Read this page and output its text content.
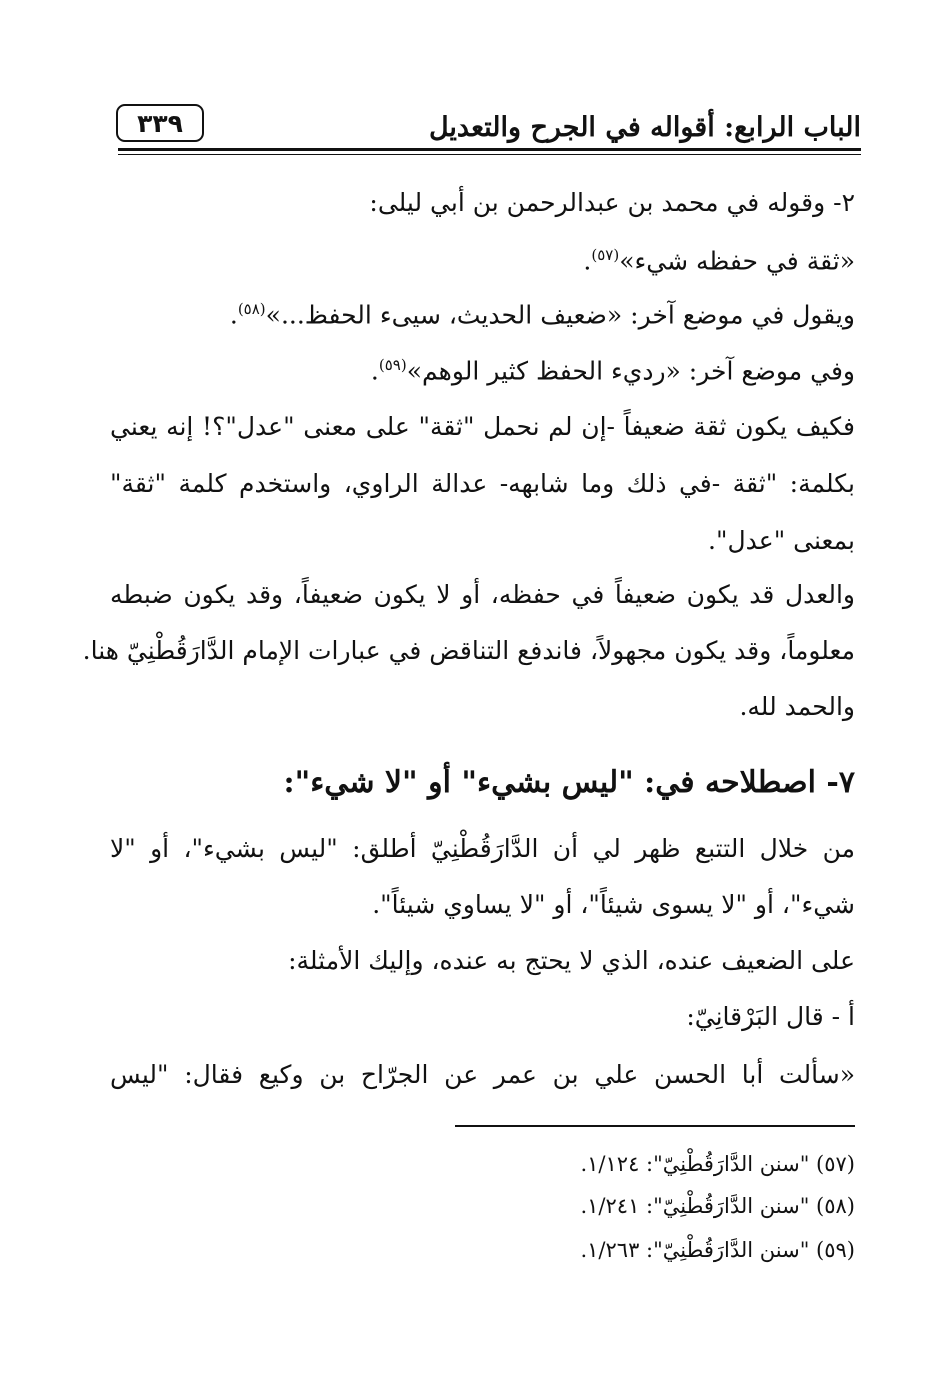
الباب الرابع: أقواله في الجرح والتعديل
٣٣٩
٢- وقوله في محمد بن عبدالرحمن بن أبي ليلى:
«ثقة في حفظه شيء»$^{(٥٧)}$.
ويقول في موضع آخر: «ضعيف الحديث، سيىء الحفظ...»$^{(٥٨)}$.
وفي موضع آخر: «رديء الحفظ كثير الوهم»$^{(٥٩)}$.
فكيف يكون ثقة ضعيفاً -إن لم نحمل "ثقة" على معنى "عدل"؟! إنه يعني
بكلمة: "ثقة -في ذلك وما شابهه- عدالة الراوي، واستخدم كلمة "ثقة"
بمعنى "عدل".
والعدل قد يكون ضعيفاً في حفظه، أو لا يكون ضعيفاً، وقد يكون ضبطه
معلوماً، وقد يكون مجهولاً، فاندفع التناقض في عبارات الإمام الدَّارَقُطْنِيّ هنا.
والحمد لله.
٧- اصطلاحه في: "ليس بشيء" أو "لا شيء":
من خلال التتبع ظهر لي أن الدَّارَقُطْنِيّ أطلق: "ليس بشيء"، أو "لا
شيء"، أو "لا يسوى شيئاً"، أو "لا يساوي شيئاً".
على الضعيف عنده، الذي لا يحتج به عنده، وإليك الأمثلة:
أ - قال البَرْقانِيّ:
«سألت أبا الحسن علي بن عمر عن الجرّاح بن وكيع فقال: "ليس
(٥٧) "سنن الدَّارَقُطْنِيّ": ١/١٢٤.
(٥٨) "سنن الدَّارَقُطْنِيّ": ١/٢٤١.
(٥٩) "سنن الدَّارَقُطْنِيّ": ١/٢٦٣.
